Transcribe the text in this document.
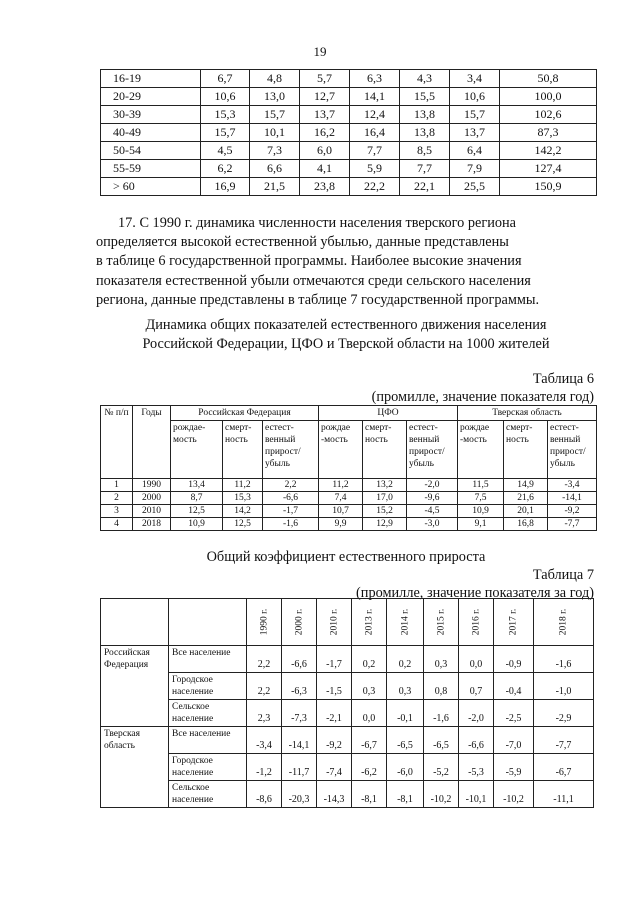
19
16-19	6,7	4,8	5,7	6,3	4,3	3,4	50,8
20-29	10,6	13,0	12,7	14,1	15,5	10,6	100,0
30-39	15,3	15,7	13,7	12,4	13,8	15,7	102,6
40-49	15,7	10,1	16,2	16,4	13,8	13,7	87,3
50-54	4,5	7,3	6,0	7,7	8,5	6,4	142,2
55-59	6,2	6,6	4,1	5,9	7,7	7,9	127,4
> 60	16,9	21,5	23,8	22,2	22,1	25,5	150,9
17. С 1990 г. динамика численности населения тверского региона
определяется высокой естественной убылью, данные представлены
в таблице 6 государственной программы. Наиболее высокие значения
показателя естественной убыли отмечаются среди сельского населения
региона, данные представлены в таблице 7 государственной программы.
Динамика общих показателей естественного движения населения
Российской Федерации, ЦФО и Тверской области на 1000 жителей
Таблица 6
(промилле, значение показателя год)
№ п/п	Годы	Российская Федерация			ЦФО			Тверская область		
		рождае-мость	смерт-ность	естест-венный прирост/ убыль	рождае -мость	смерт-ность	естест-венный прирост/ убыль	рождае -мость	смерт-ность	естест-венный прирост/ убыль
1	1990	13,4	11,2	2,2	11,2	13,2	-2,0	11,5	14,9	-3,4
2	2000	8,7	15,3	-6,6	7,4	17,0	-9,6	7,5	21,6	-14,1
3	2010	12,5	14,2	-1,7	10,7	15,2	-4,5	10,9	20,1	-9,2
4	2018	10,9	12,5	-1,6	9,9	12,9	-3,0	9,1	16,8	-7,7
Общий коэффициент естественного прироста
Таблица 7
(промилле, значение показателя за год)
		1990 г.	2000 г.	2010 г.	2013 г.	2014 г.	2015 г.	2016 г.	2017 г.	2018 г.
Российская Федерация	Все население	2,2	-6,6	-1,7	0,2	0,2	0,3	0,0	-0,9	-1,6
	Городское население	2,2	-6,3	-1,5	0,3	0,3	0,8	0,7	-0,4	-1,0
	Сельское население	2,3	-7,3	-2,1	0,0	-0,1	-1,6	-2,0	-2,5	-2,9
Тверская область	Все население	-3,4	-14,1	-9,2	-6,7	-6,5	-6,5	-6,6	-7,0	-7,7
	Городское население	-1,2	-11,7	-7,4	-6,2	-6,0	-5,2	-5,3	-5,9	-6,7
	Сельское население	-8,6	-20,3	-14,3	-8,1	-8,1	-10,2	-10,1	-10,2	-11,1
